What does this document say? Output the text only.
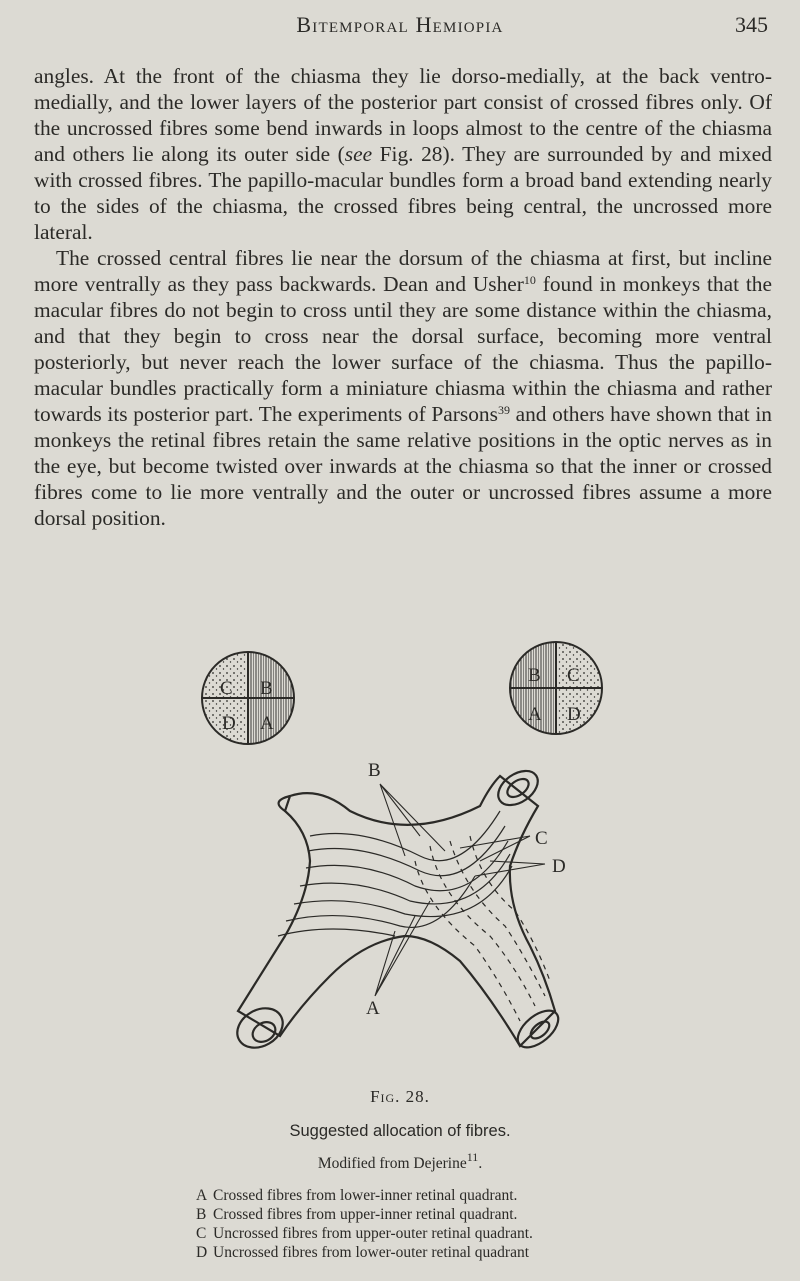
Bitemporal Hemiopia	345

angles. At the front of the chiasma they lie dorso-medially, at the back ventro-medially, and the lower layers of the posterior part consist of crossed fibres only. Of the uncrossed fibres some bend inwards in loops almost to the centre of the chiasma and others lie along its outer side (see Fig. 28). They are surrounded by and mixed with crossed fibres. The papillo-macular bundles form a broad band extending nearly to the sides of the chiasma, the crossed fibres being central, the uncrossed more lateral.

The crossed central fibres lie near the dorsum of the chiasma at first, but incline more ventrally as they pass backwards. Dean and Usher$^{10}$ found in monkeys that the macular fibres do not begin to cross until they are some distance within the chiasma, and that they begin to cross near the dorsal surface, becoming more ventral posteriorly, but never reach the lower surface of the chiasma. Thus the papillo-macular bundles practically form a miniature chiasma within the chiasma and rather towards its posterior part. The experiments of Parsons$^{39}$ and others have shown that in monkeys the retinal fibres retain the same relative positions in the optic nerves as in the eye, but become twisted over inwards at the chiasma so that the inner or crossed fibres come to lie more ventrally and the outer or uncrossed fibres assume a more dorsal position.

C B
D A
B C
A D
B
C
D
A
Fig. 28.
Suggested allocation of fibres.
Modified from Dejerine$^{11}$.
A Crossed fibres from lower-inner retinal quadrant.
B Crossed fibres from upper-inner retinal quadrant.
C Uncrossed fibres from upper-outer retinal quadrant.
D Uncrossed fibres from lower-outer retinal quadrant
